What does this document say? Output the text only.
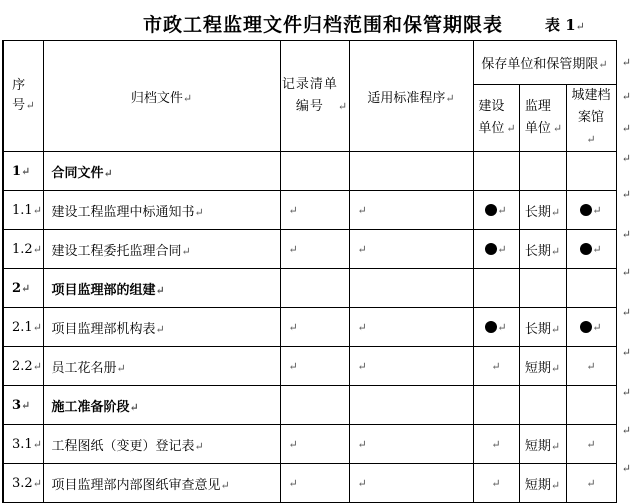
市政工程监理文件归档范围和保管期限表	表 1↵
序号↵	归档文件↵	记录清单编号 ↵	适用标准程序↵	保存单位和保管期限↵		
				建设单位 ↵	监理单位 ↵	城建档案馆↵
1↵	合同文件↵					
1.1↵	建设工程监理中标通知书↵	↵	↵	↵	长期↵	↵
1.2↵	建设工程委托监理合同↵	↵	↵	↵	长期↵	↵
2↵	项目监理部的组建↵					
2.1↵	项目监理部机构表↵	↵	↵	↵	长期↵	↵
2.2↵	员工花名册↵	↵	↵	↵	短期↵	↵
3↵	施工准备阶段↵					
3.1↵	工程图纸（变更）登记表↵	↵	↵	↵	短期↵	↵
3.2↵	项目监理部内部图纸审查意见↵	↵	↵	↵	短期↵	↵
↵
↵
↵
↵
↵
↵
↵
↵
↵
↵
↵
↵
